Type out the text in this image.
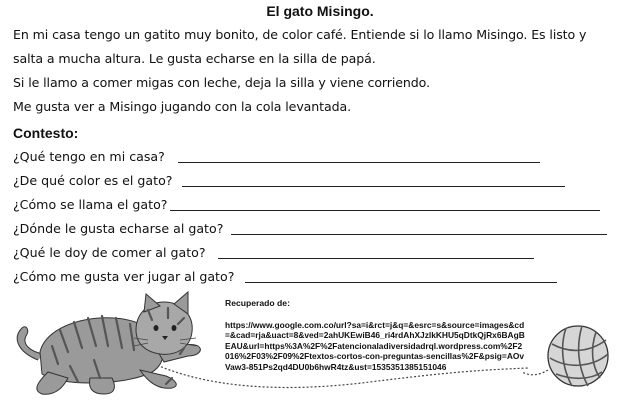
El gato Misingo.
En mi casa tengo un gatito muy bonito, de color café. Entiende si lo llamo Misingo. Es listo y
salta a mucha altura. Le gusta echarse en la silla de papá.
Si le llamo a comer migas con leche, deja la silla y viene corriendo.
Me gusta ver a Misingo jugando con la cola levantada.
Contesto:
¿Qué tengo en mi casa?
¿De qué color es el gato?
¿Cómo se llama el gato?
¿Dónde le gusta echarse al gato?
¿Qué le doy de comer al gato?
¿Cómo me gusta ver jugar al gato?
Recuperado de:
https://www.google.com.co/url?sa=i&rct=j&q=&esrc=s&source=images&cd=&cad=rja&uact=8&ved=2ahUKEwiB46_ri4rdAhXJzlkKHU5qDtkQjRx6BAgBEAU&url=https%3A%2F%2Fatencionaladiversidadrql.wordpress.com%2F2016%2F03%2F09%2Ftextos-cortos-con-preguntas-sencillas%2F&psig=AOvVaw3-851Ps2qd4DU0b6hwR4tz&ust=1535351385151046
